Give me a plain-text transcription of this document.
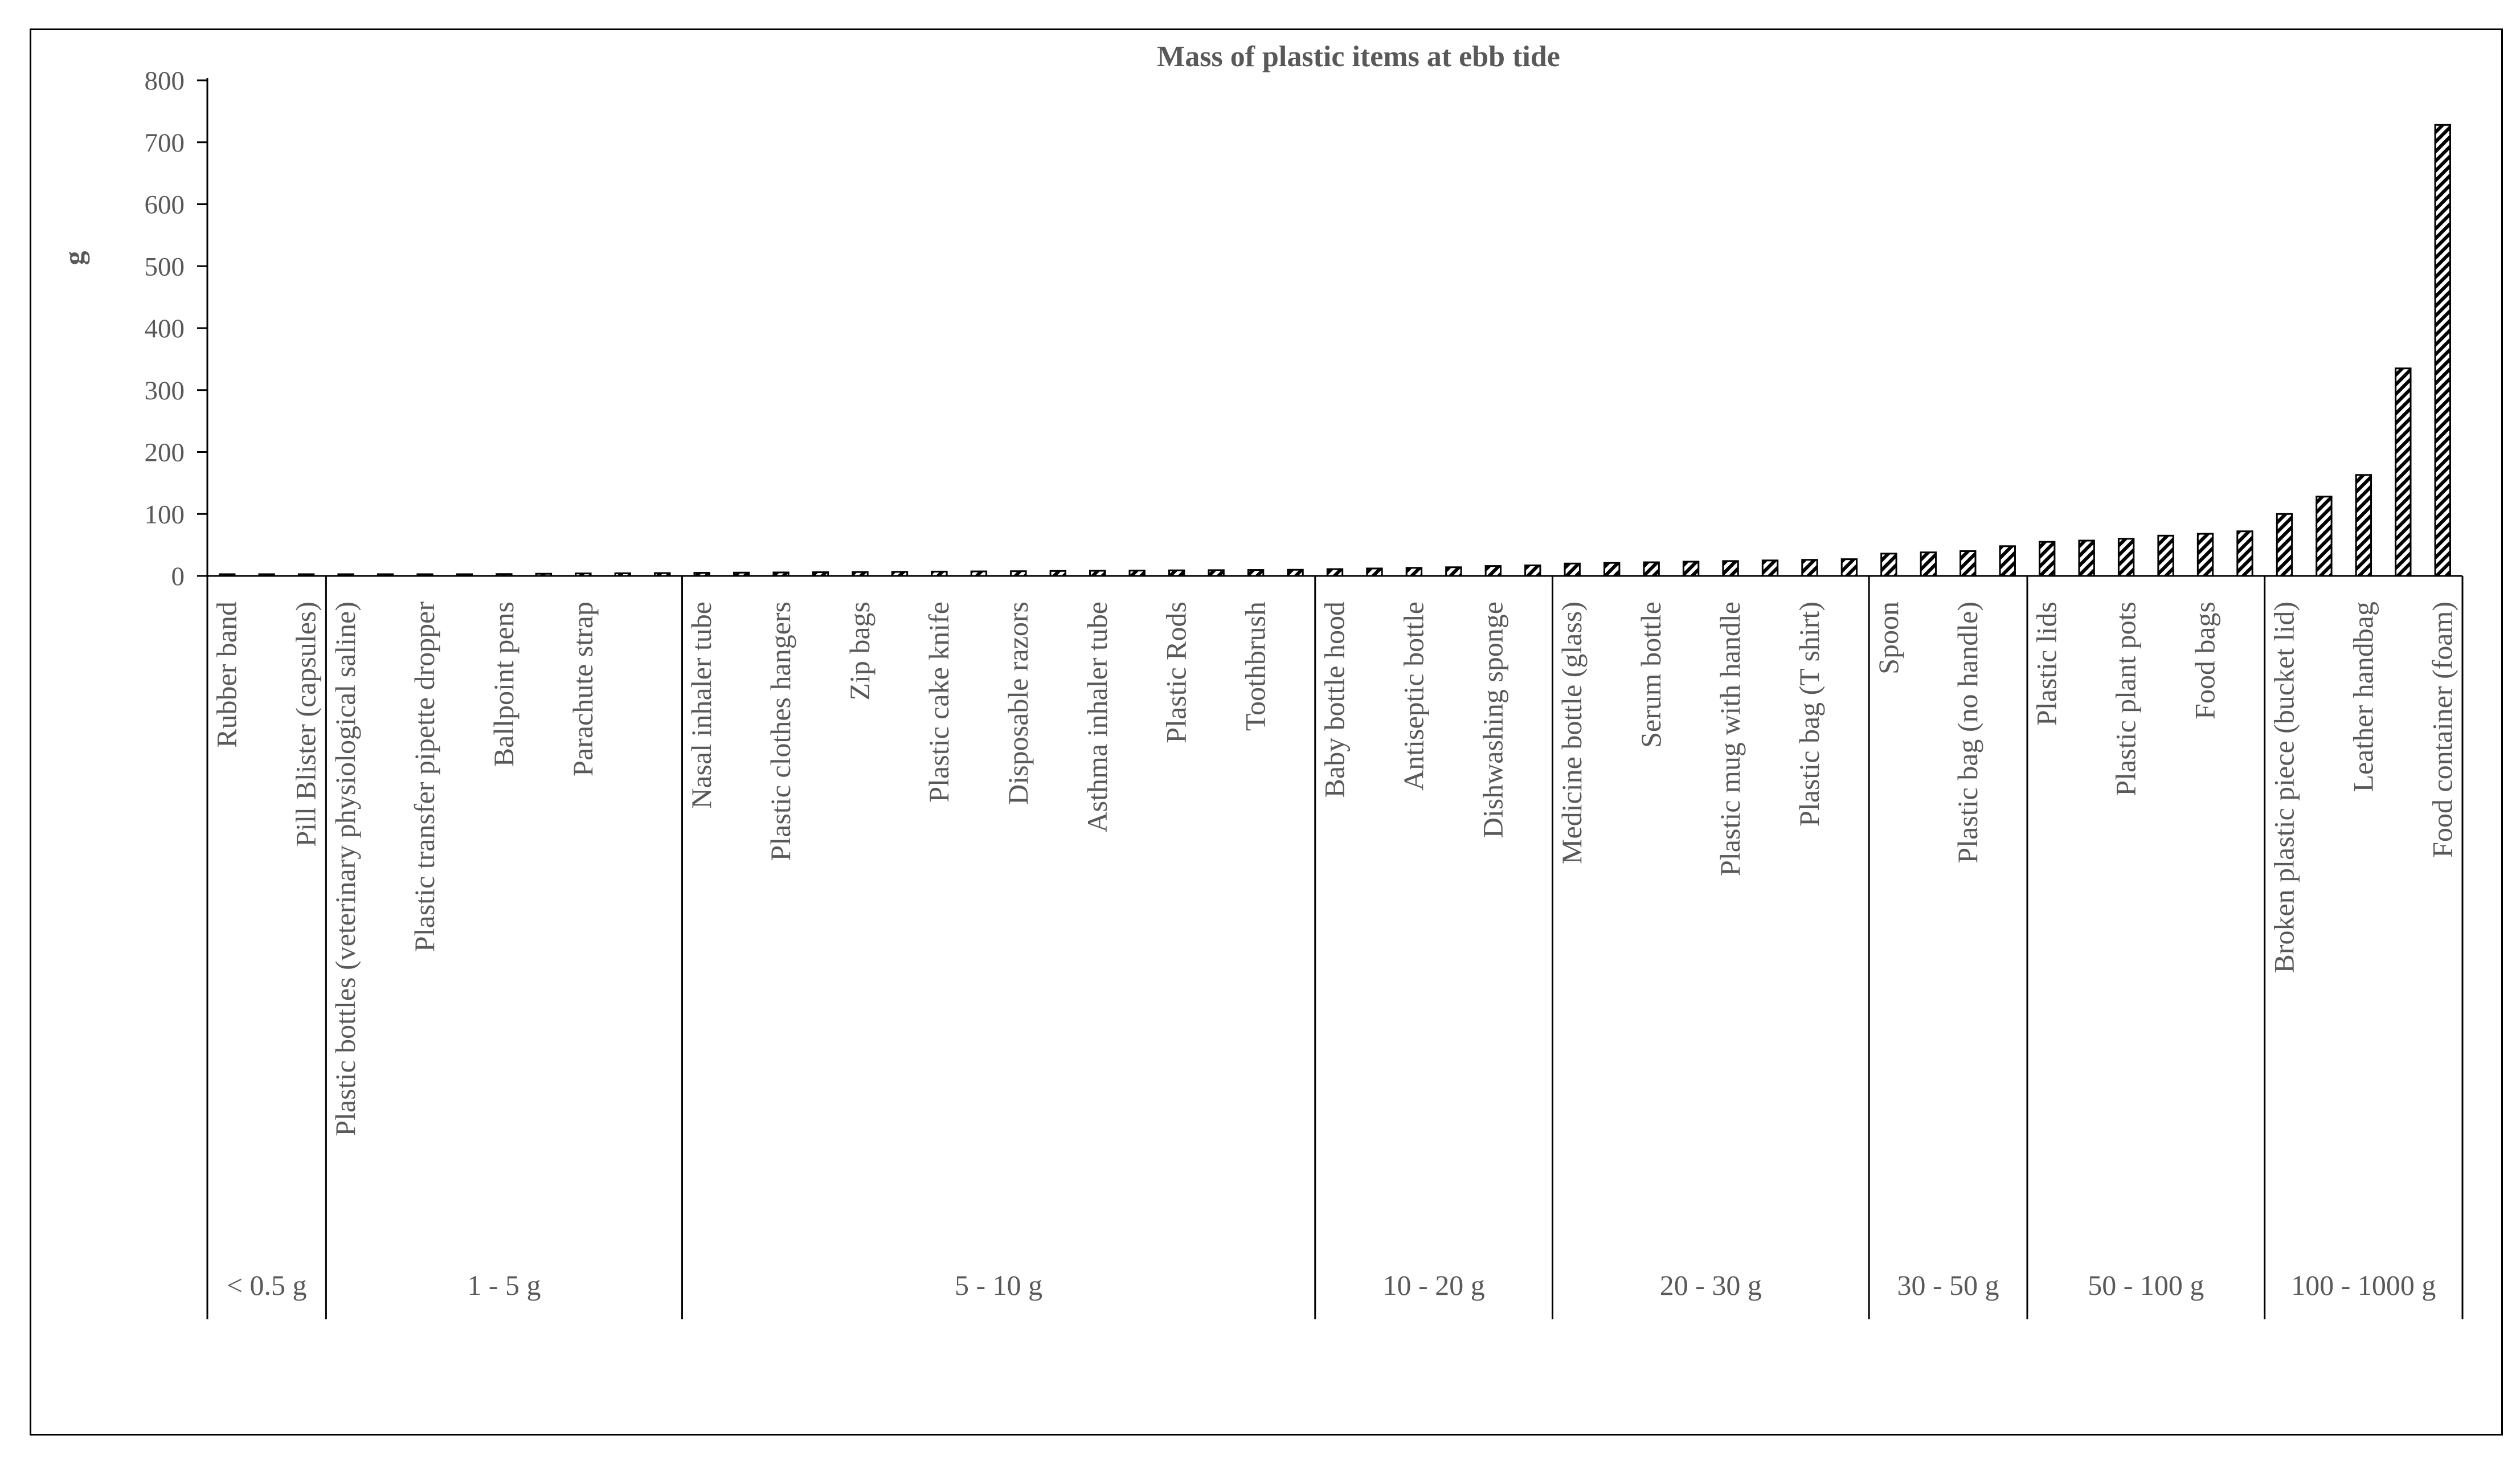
Mass of plastic items at ebb tide
g
0
100
200
300
400
500
600
700
800
Rubber band Pill Blister (capsules) Plastic bottles (veterinary physiological saline) Plastic transfer pipette dropper Ballpoint pens Parachute strap	Nasal inhaler tube Plastic clothes hangers Zip bags Plastic cake knife Disposable razors Asthma inhaler tube Plastic Rods Toothbrush Baby bottle hood Antiseptic bottle Dishwashing sponge Medicine bottle (glass) Serum bottle Plastic mug with handle Plastic bag (T shirt) Spoon Plastic bag (no handle) Plastic lids Plastic plant pots Food bags Broken plastic piece (bucket lid) Leather handbag Food container (foam)
< 0.5 g	1 - 5 g	5 - 10 g	10 - 20 g	20 - 30 g	30 - 50 g	50 - 100 g	100 - 1000 g
